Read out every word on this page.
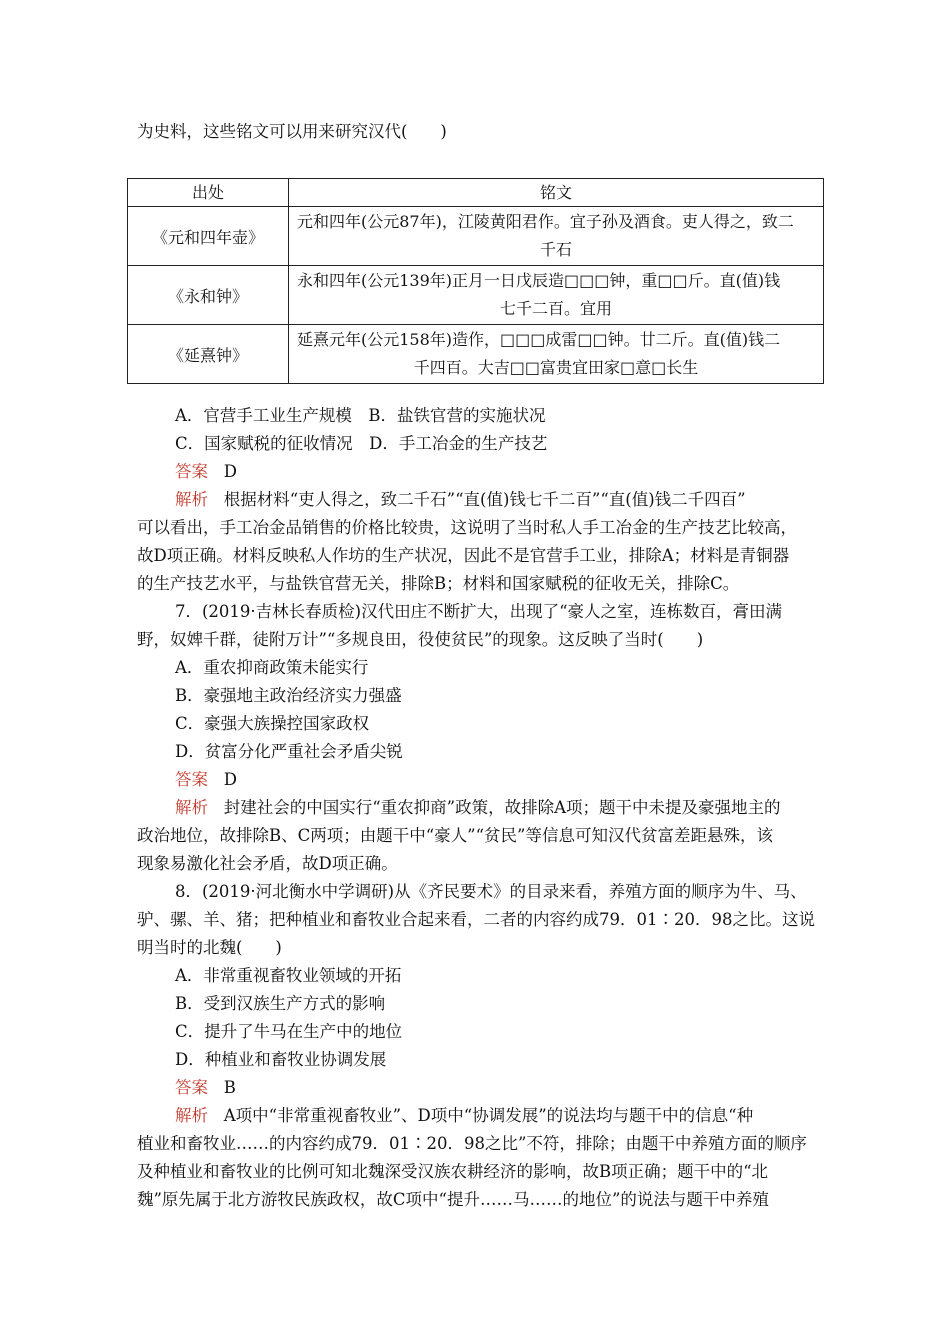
为史料，这些铭文可以用来研究汉代(　　)
出处	铭文
《元和四年壶》	元和四年(公元87年)，江陵黄阳君作。宜子孙及酒食。吏人得之，致二
千石

《永和钟》	永和四年(公元139年)正月一日戊辰造□□□钟，重□□斤。直(值)钱
七千二百。宜用

《延熹钟》	延熹元年(公元158年)造作，□□□成雷□□钟。廿二斤。直(值)钱二
千四百。大吉□□富贵宜田家□意□长生
A．官营手工业生产规模　B．盐铁官营的实施状况
C．国家赋税的征收情况　D．手工冶金的生产技艺
答案 D
解析 根据材料“吏人得之，致二千石”“直(值)钱七千二百”“直(值)钱二千四百”
可以看出，手工冶金品销售的价格比较贵，这说明了当时私人手工冶金的生产技艺比较高，
故D项正确。材料反映私人作坊的生产状况，因此不是官营手工业，排除A；材料是青铜器
的生产技艺水平，与盐铁官营无关，排除B；材料和国家赋税的征收无关，排除C。
7．(2019·吉林长春质检)汉代田庄不断扩大，出现了“豪人之室，连栋数百，膏田满
野，奴婢千群，徒附万计”“多规良田，役使贫民”的现象。这反映了当时(　　)
A．重农抑商政策未能实行
B．豪强地主政治经济实力强盛
C．豪强大族操控国家政权
D．贫富分化严重社会矛盾尖锐
答案 D
解析 封建社会的中国实行“重农抑商”政策，故排除A项；题干中未提及豪强地主的
政治地位，故排除B、C两项；由题干中“豪人”“贫民”等信息可知汉代贫富差距悬殊，该
现象易激化社会矛盾，故D项正确。
8．(2019·河北衡水中学调研)从《齐民要术》的目录来看，养殖方面的顺序为牛、马、
驴、骡、羊、猪；把种植业和畜牧业合起来看，二者的内容约成79．01∶20．98之比。这说
明当时的北魏(　　)
A．非常重视畜牧业领域的开拓
B．受到汉族生产方式的影响
C．提升了牛马在生产中的地位
D．种植业和畜牧业协调发展
答案 B
解析 A项中“非常重视畜牧业”、D项中“协调发展”的说法均与题干中的信息“种
植业和畜牧业……的内容约成79．01∶20．98之比”不符，排除；由题干中养殖方面的顺序
及种植业和畜牧业的比例可知北魏深受汉族农耕经济的影响，故B项正确；题干中的“北
魏”原先属于北方游牧民族政权，故C项中“提升……马……的地位”的说法与题干中养殖
